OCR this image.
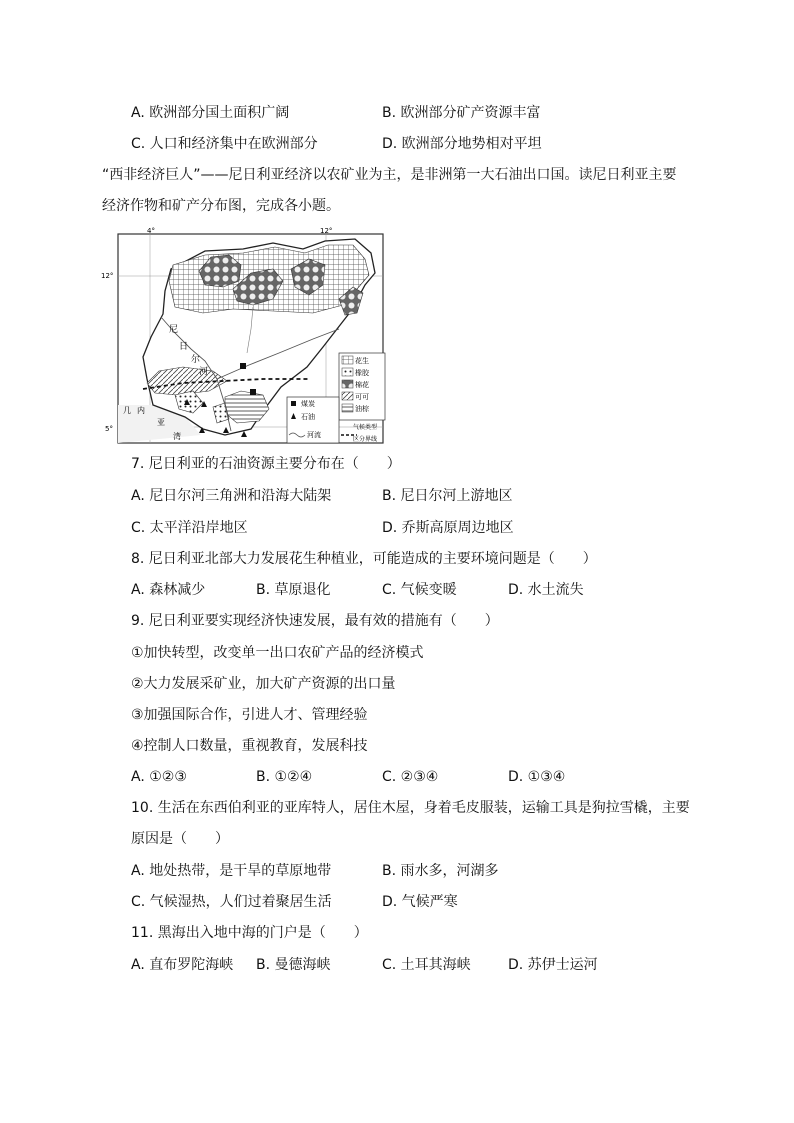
A. 欧洲部分国土面积广阔	B. 欧洲部分矿产资源丰富
C. 人口和经济集中在欧洲部分	D. 欧洲部分地势相对平坦
“西非经济巨人”——尼日利亚经济以农矿业为主，是非洲第一大石油出口国。读尼日利亚主要
经济作物和矿产分布图，完成各小题。
4°	12°
12°
5°
尼
日
尔
河
几 内
亚
湾
花生
橡胶
棉花
可可
油棕
煤炭
石油
河流
气候类型
区分界线
7. 尼日利亚的石油资源主要分布在（　　）
A. 尼日尔河三角洲和沿海大陆架	B. 尼日尔河上游地区
C. 太平洋沿岸地区	D. 乔斯高原周边地区
8. 尼日利亚北部大力发展花生种植业，可能造成的主要环境问题是（　　）
A. 森林减少	B. 草原退化	C. 气候变暖	D. 水土流失
9. 尼日利亚要实现经济快速发展，最有效的措施有（　　）
①加快转型，改变单一出口农矿产品的经济模式
②大力发展采矿业，加大矿产资源的出口量
③加强国际合作，引进人才、管理经验
④控制人口数量，重视教育，发展科技
A. ①②③	B. ①②④	C. ②③④	D. ①③④
10. 生活在东西伯利亚的亚库特人，居住木屋，身着毛皮服装，运输工具是狗拉雪橇，主要
原因是（　　）
A. 地处热带，是干旱的草原地带	B. 雨水多，河湖多
C. 气候湿热，人们过着聚居生活	D. 气候严寒
11. 黑海出入地中海的门户是（　　）
A. 直布罗陀海峡 B. 曼德海峡	C. 土耳其海峡	D. 苏伊士运河
